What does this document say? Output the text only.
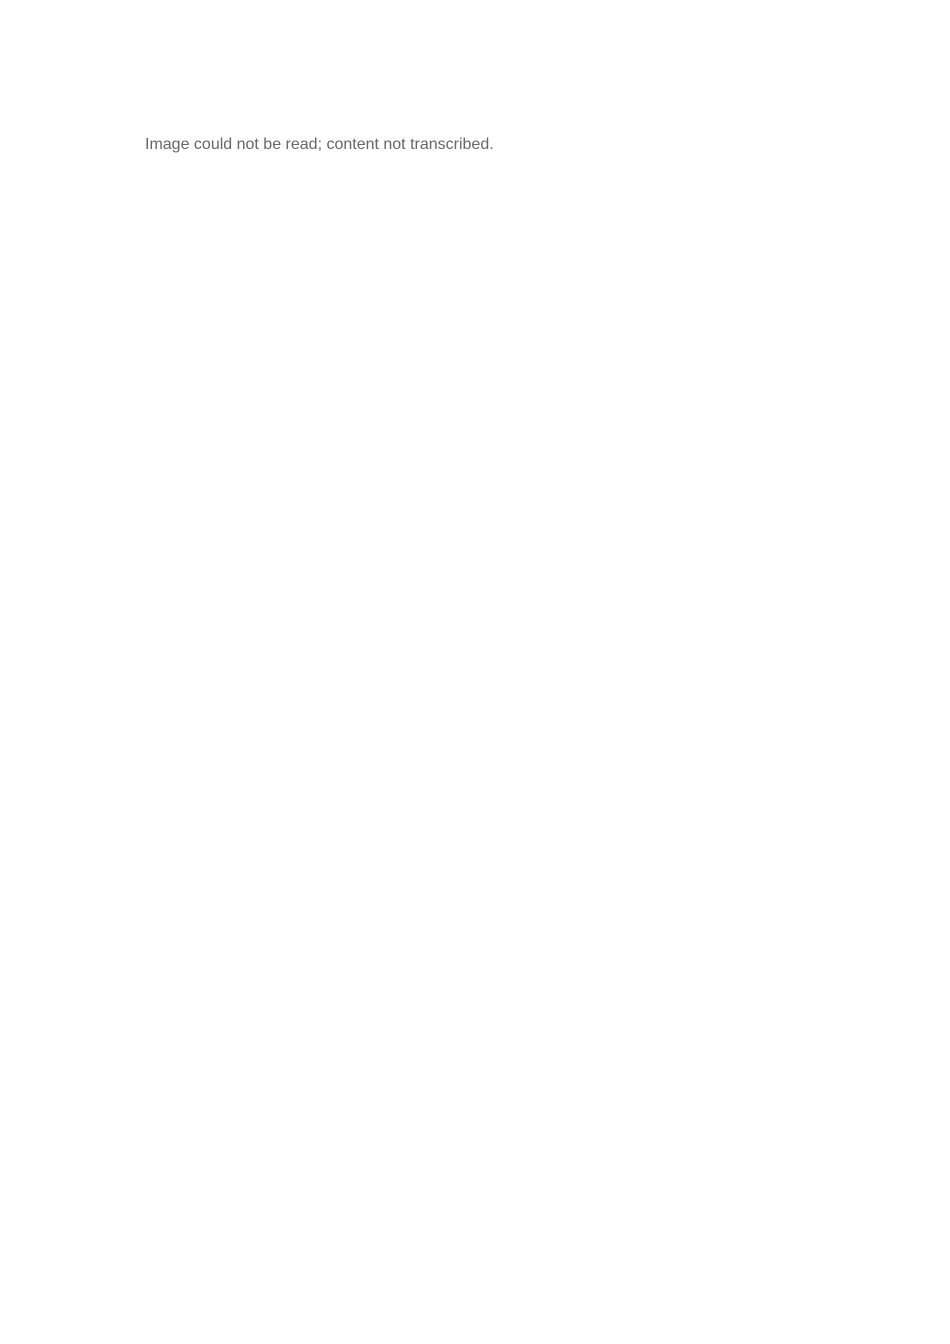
Image could not be read; content not transcribed.
